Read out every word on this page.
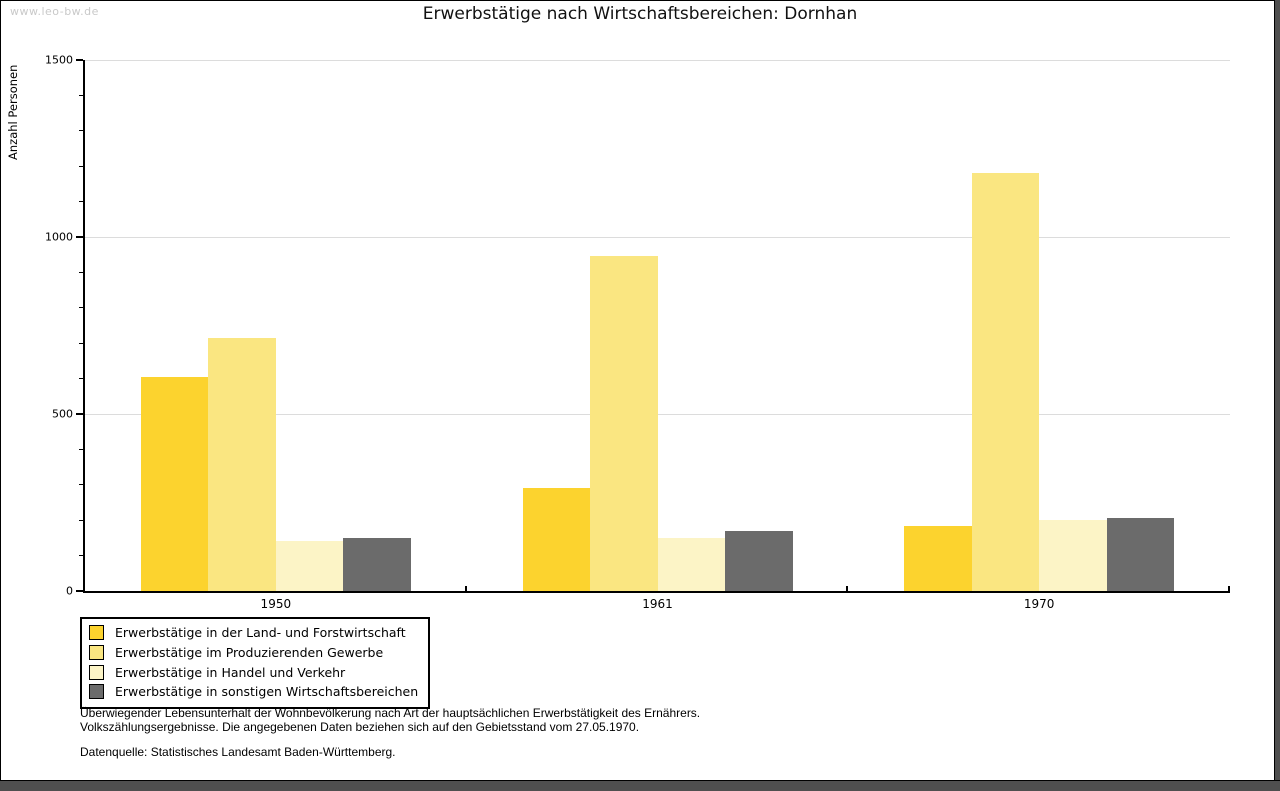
www.leo-bw.de	Erwerbstätige nach Wirtschaftsbereichen: Dornhan
Anzahl Personen
0
500
1000
1500
1950	1961	1970
Erwerbstätige in der Land- und Forstwirtschaft
Erwerbstätige im Produzierenden Gewerbe
Erwerbstätige in Handel und Verkehr
Erwerbstätige in sonstigen Wirtschaftsbereichen
Überwiegender Lebensunterhalt der Wohnbevölkerung nach Art der hauptsächlichen Erwerbstätigkeit des Ernährers.
Volkszählungsergebnisse. Die angegebenen Daten beziehen sich auf den Gebietsstand vom 27.05.1970.
Datenquelle: Statistisches Landesamt Baden-Württemberg.
